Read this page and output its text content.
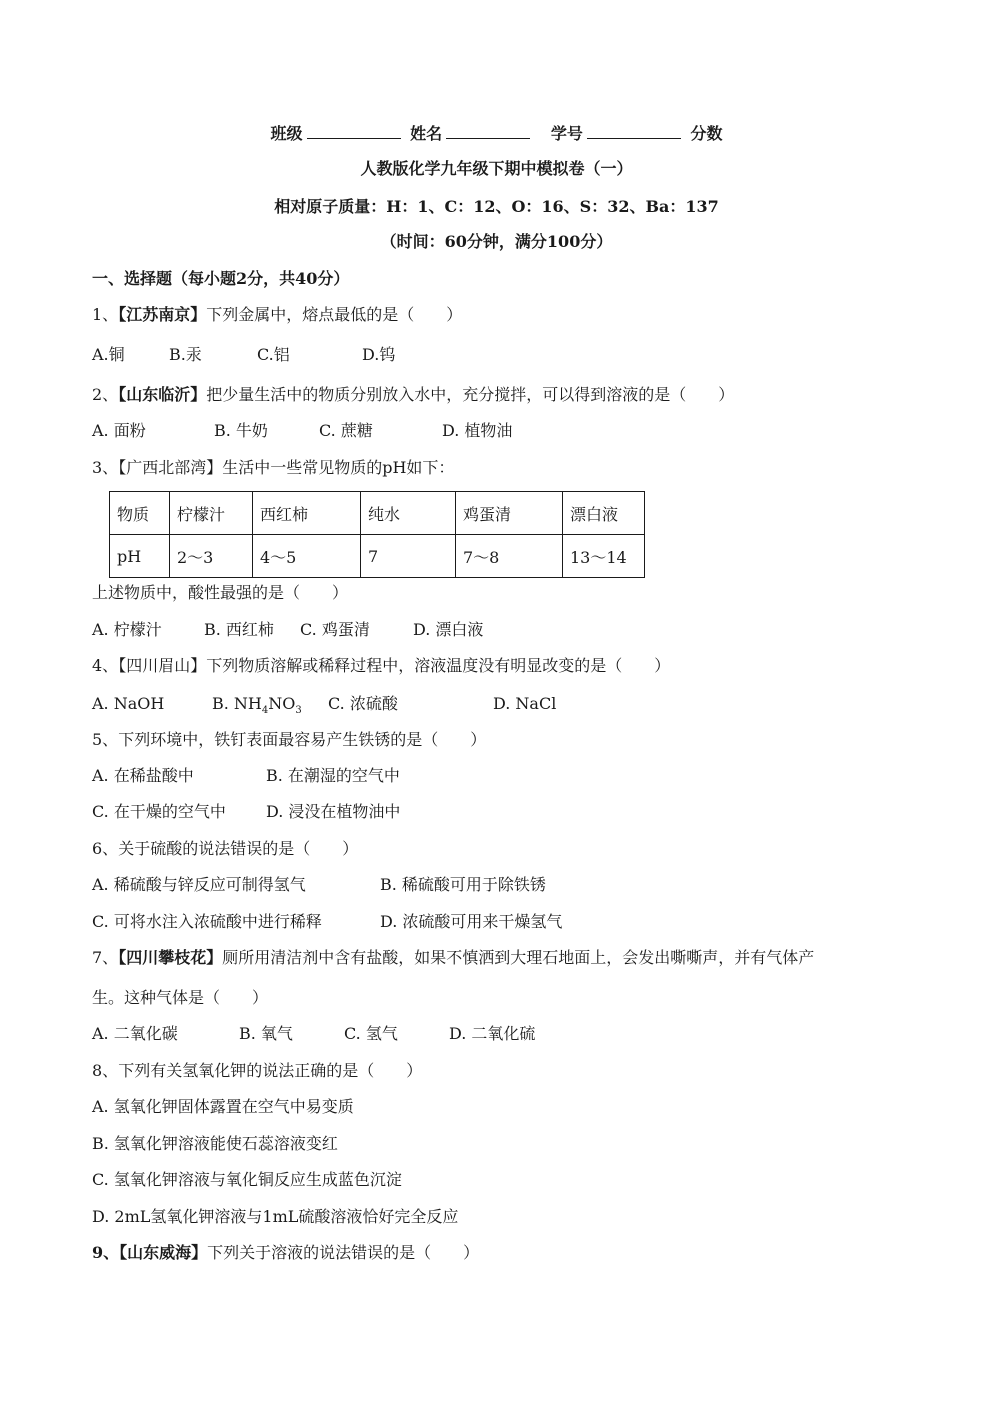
班级	姓名	学号	分数
人教版化学九年级下期中模拟卷（一）
相对原子质量：H：1、C：12、O：16、S：32、Ba：137
（时间：60分钟，满分100分）
一、选择题（每小题2分，共40分）
1、【江苏南京】下列金属中，熔点最低的是（　　）
A.铜	B.汞	C.铝	D.钨
2、【山东临沂】把少量生活中的物质分别放入水中，充分搅拌，可以得到溶液的是（　　）
A. 面粉	B. 牛奶	C. 蔗糖	D. 植物油
3、【广西北部湾】生活中一些常见物质的pH如下：
物质	柠檬汁	西红柿	纯水	鸡蛋清	漂白液
pH	2～3	4～5	7	7～8	13～14
上述物质中，酸性最强的是（　　）
A. 柠檬汁	B. 西红柿 C. 鸡蛋清	D. 漂白液
4、【四川眉山】下列物质溶解或稀释过程中，溶液温度没有明显改变的是（　　）
A. NaOH	B. $NH_4NO_3$ C. 浓硫酸	D. NaCl
5、下列环境中，铁钉表面最容易产生铁锈的是（　　）
A. 在稀盐酸中	B. 在潮湿的空气中
C. 在干燥的空气中	D. 浸没在植物油中
6、关于硫酸的说法错误的是（　　）
A. 稀硫酸与锌反应可制得氢气	B. 稀硫酸可用于除铁锈
C. 可将水注入浓硫酸中进行稀释	D. 浓硫酸可用来干燥氢气
7、【四川攀枝花】厕所用清洁剂中含有盐酸，如果不慎洒到大理石地面上，会发出嘶嘶声，并有气体产
生。这种气体是（　　）
A. 二氧化碳	B. 氧气	C. 氢气	D. 二氧化硫
8、下列有关氢氧化钾的说法正确的是（　　）
A. 氢氧化钾固体露置在空气中易变质
B. 氢氧化钾溶液能使石蕊溶液变红
C. 氢氧化钾溶液与氧化铜反应生成蓝色沉淀
D. 2mL氢氧化钾溶液与1mL硫酸溶液恰好完全反应
9、【山东威海】下列关于溶液的说法错误的是（　　）
